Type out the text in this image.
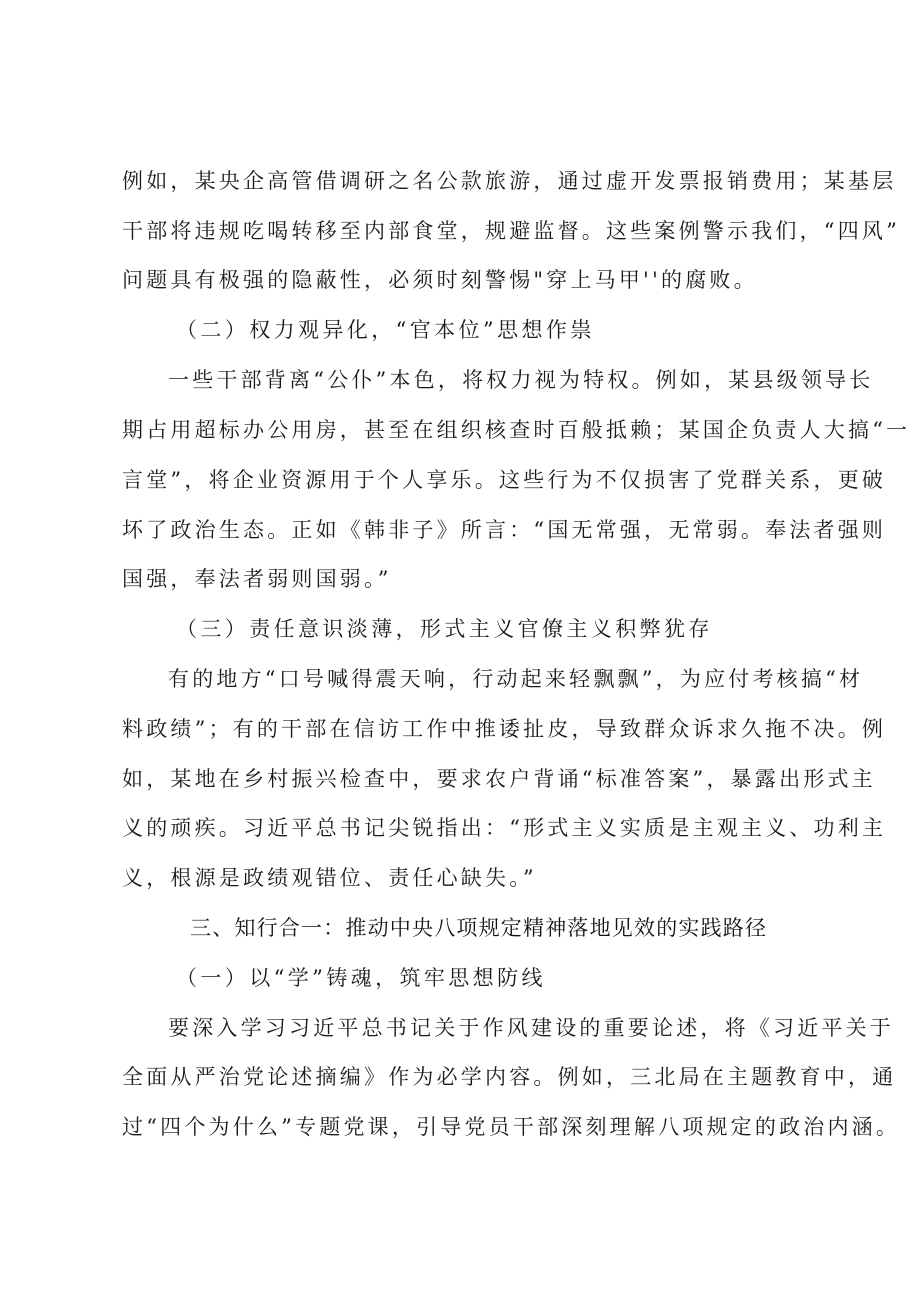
例如，某央企高管借调研之名公款旅游，通过虚开发票报销费用；某基层
干部将违规吃喝转移至内部食堂，规避监督。这些案例警示我们，“四风”
问题具有极强的隐蔽性，必须时刻警惕"穿上马甲''的腐败。
（二）权力观异化，“官本位”思想作祟
一些干部背离“公仆”本色，将权力视为特权。例如，某县级领导长
期占用超标办公用房，甚至在组织核查时百般抵赖；某国企负责人大搞“一
言堂”，将企业资源用于个人享乐。这些行为不仅损害了党群关系，更破
坏了政治生态。正如《韩非子》所言：“国无常强，无常弱。奉法者强则
国强，奉法者弱则国弱。”
（三）责任意识淡薄，形式主义官僚主义积弊犹存
有的地方“口号喊得震天响，行动起来轻飘飘”，为应付考核搞“材
料政绩”；有的干部在信访工作中推诿扯皮，导致群众诉求久拖不决。例
如，某地在乡村振兴检查中，要求农户背诵“标准答案”，暴露出形式主
义的顽疾。习近平总书记尖锐指出：“形式主义实质是主观主义、功利主
义，根源是政绩观错位、责任心缺失。”
三、知行合一：推动中央八项规定精神落地见效的实践路径
（一）以“学”铸魂，筑牢思想防线
要深入学习习近平总书记关于作风建设的重要论述，将《习近平关于
全面从严治党论述摘编》作为必学内容。例如，三北局在主题教育中，通
过“四个为什么”专题党课，引导党员干部深刻理解八项规定的政治内涵。
